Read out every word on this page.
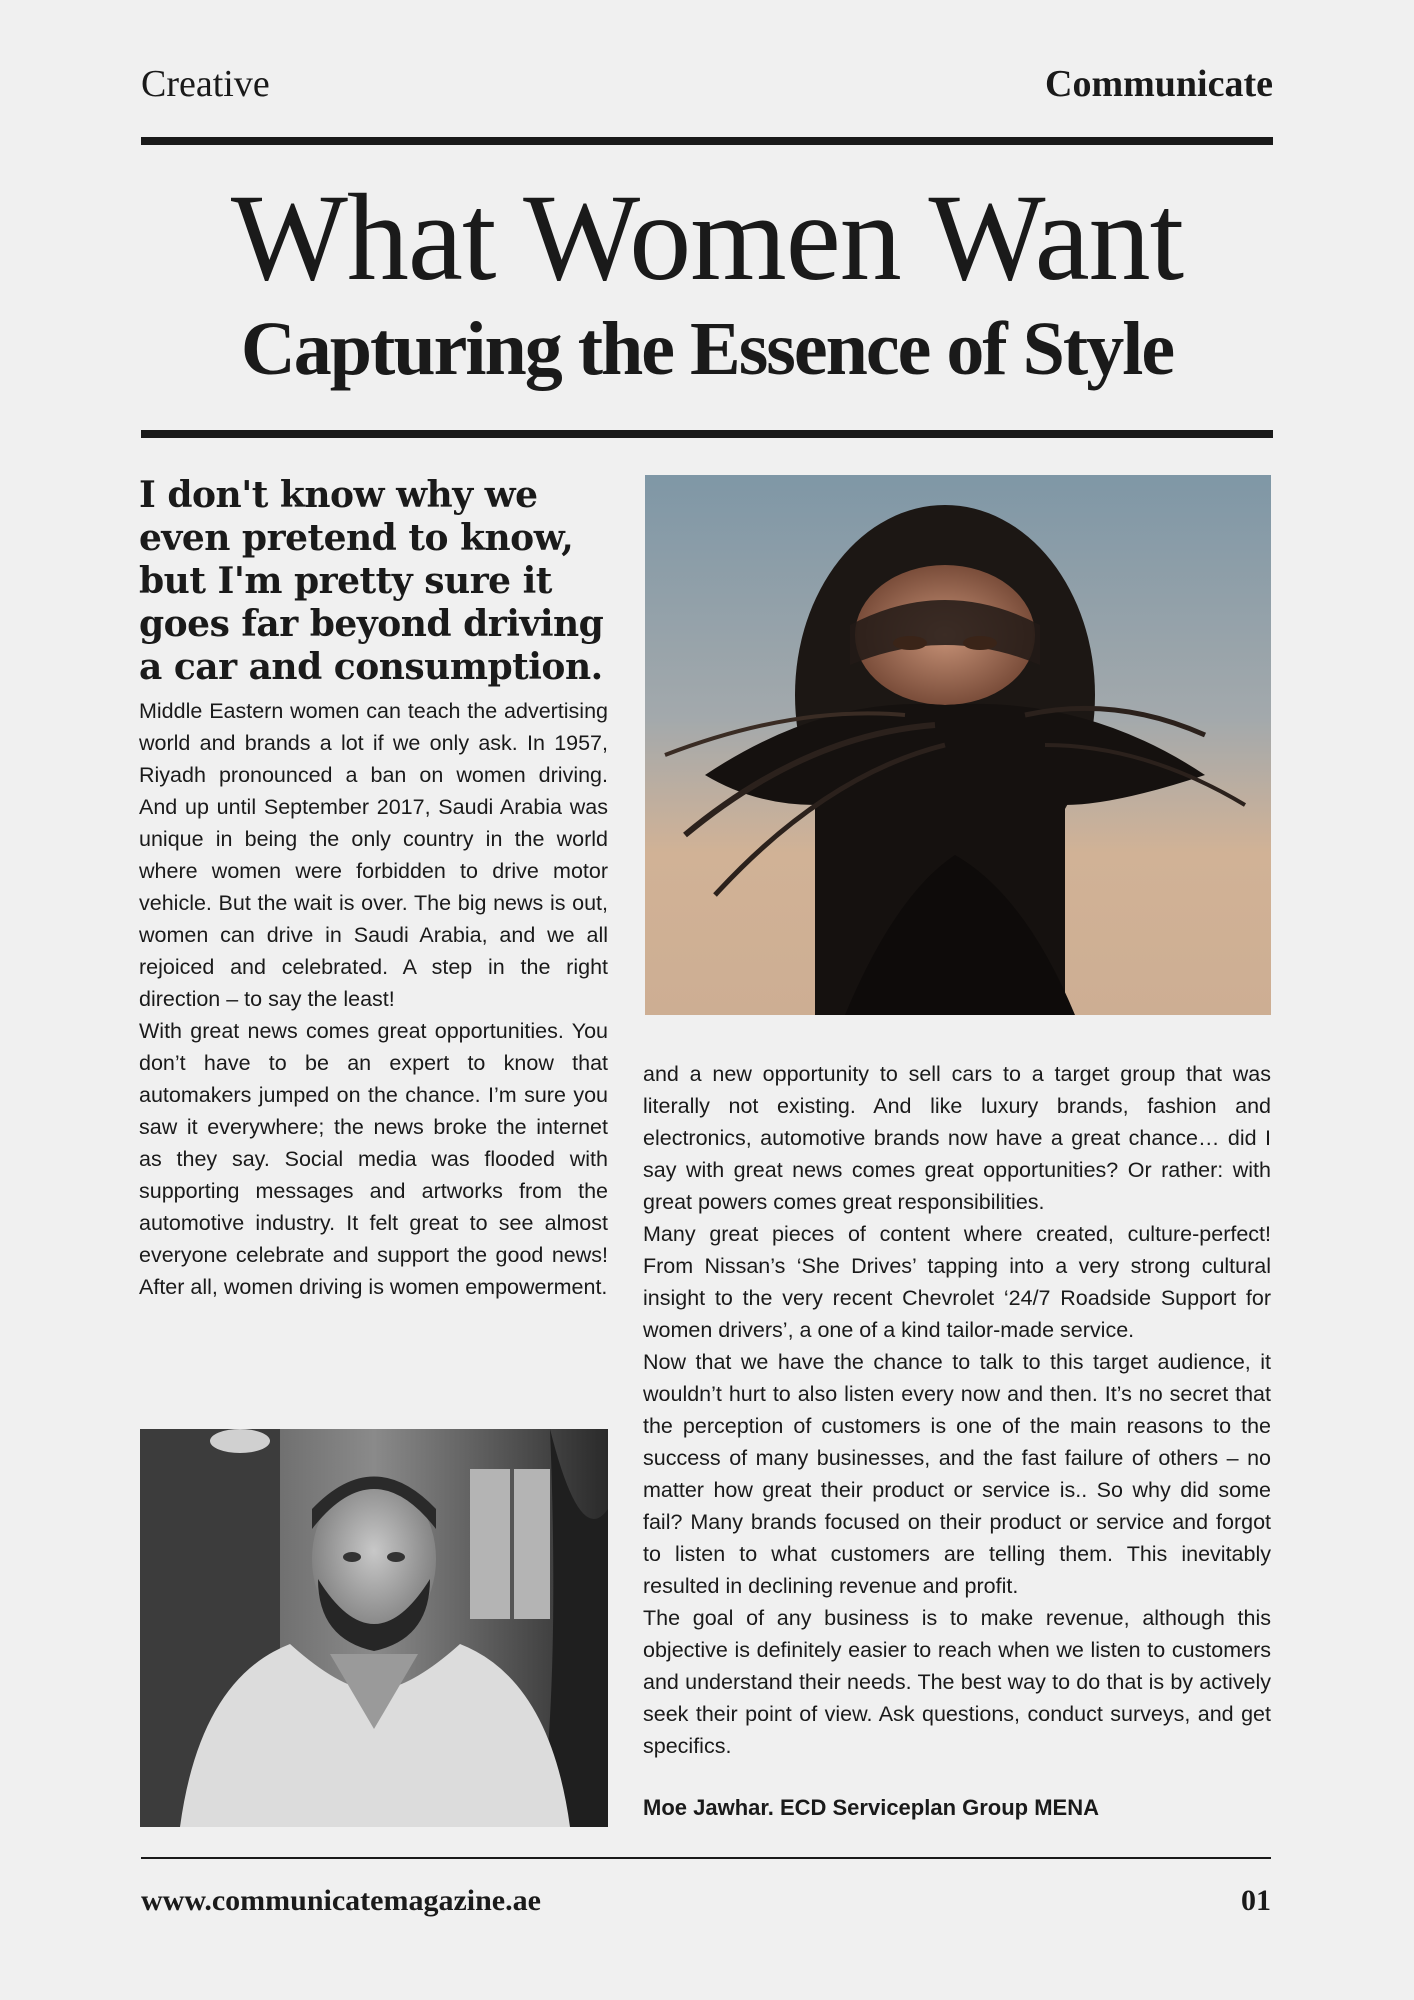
Creative	Communicate
What Women Want
Capturing the Essence of Style

I don't know why we even pretend to know, but I'm pretty sure it goes far beyond driving a car and consumption.

Middle Eastern women can teach the advertising world and brands a lot if we only ask. In 1957, Riyadh pronounced a ban on women driving. And up until September 2017, Saudi Arabia was unique in being the only country in the world where women were forbidden to drive motor vehicle. But the wait is over. The big news is out, women can drive in Saudi Arabia, and we all rejoiced and celebrated. A step in the right direction – to say the least!

With great news comes great opportunities. You don’t have to be an expert to know that automakers jumped on the chance. I’m sure you saw it everywhere; the news broke the internet as they say. Social media was flooded with supporting messages and artworks from the automotive industry. It felt great to see almost everyone celebrate and support the good news! After all, women driving is women empowerment.

and a new opportunity to sell cars to a target group that was literally not existing. And like luxury brands, fashion and electronics, automotive brands now have a great chance… did I say with great news comes great opportunities? Or rather: with great powers comes great responsibilities.

Many great pieces of content where created, culture-perfect! From Nissan’s ‘She Drives’ tapping into a very strong cultural insight to the very recent Chevrolet ‘24/7 Roadside Support for women drivers’, a one of a kind tailor-made service.

Now that we have the chance to talk to this target audience, it wouldn’t hurt to also listen every now and then. It’s no secret that the perception of customers is one of the main reasons to the success of many businesses, and the fast failure of others – no matter how great their product or service is.. So why did some fail? Many brands focused on their product or service and forgot to listen to what customers are telling them. This inevitably resulted in declining revenue and profit.

The goal of any business is to make revenue, although this objective is definitely easier to reach when we listen to customers and understand their needs. The best way to do that is by actively seek their point of view. Ask questions, conduct surveys, and get specifics.

Moe Jawhar. ECD Serviceplan Group MENA
www.communicatemagazine.ae	01
